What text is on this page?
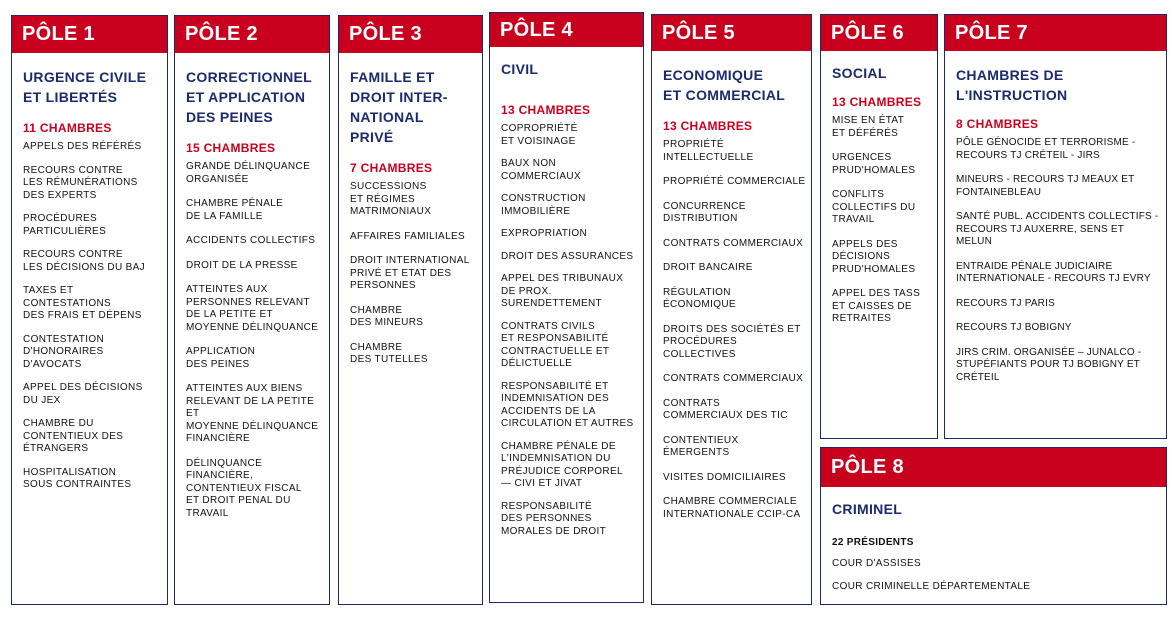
PÔLE 1
URGENCE CIVILE
ET LIBERTÉS
11 CHAMBRES
APPELS DES RÉFÉRÉS
RECOURS CONTRE
LES RÉMUNÉRATIONS
DES EXPERTS
PROCÉDURES
PARTICULIÈRES
RECOURS CONTRE
LES DÉCISIONS DU BAJ
TAXES ET
CONTESTATIONS
DES FRAIS ET DÉPENS
CONTESTATION
D'HONORAIRES
D'AVOCATS
APPEL DES DÉCISIONS
DU JEX
CHAMBRE DU
CONTENTIEUX DES
ÉTRANGERS
HOSPITALISATION
SOUS CONTRAINTES
PÔLE 2
CORRECTIONNEL
ET APPLICATION
DES PEINES
15 CHAMBRES
GRANDE DÉLINQUANCE
ORGANISÉE
CHAMBRE PÉNALE
DE LA FAMILLE
ACCIDENTS COLLECTIFS
DROIT DE LA PRESSE
ATTEINTES AUX
PERSONNES RELEVANT
DE LA PETITE ET
MOYENNE DÉLINQUANCE
APPLICATION
DES PEINES
ATTEINTES AUX BIENS
RELEVANT DE LA PETITE ET
MOYENNE DÉLINQUANCE
FINANCIÈRE
DÉLINQUANCE
FINANCIÈRE,
CONTENTIEUX FISCAL
ET DROIT PENAL DU
TRAVAIL
PÔLE 3
FAMILLE ET
DROIT INTER-
NATIONAL
PRIVÉ
7 CHAMBRES
SUCCESSIONS
ET RÉGIMES
MATRIMONIAUX
AFFAIRES FAMILIALES
DROIT INTERNATIONAL
PRIVÉ ET ETAT DES
PERSONNES
CHAMBRE
DES MINEURS
CHAMBRE
DES TUTELLES
PÔLE 4
CIVIL
13 CHAMBRES
COPROPRIÉTÉ
ET VOISINAGE
BAUX NON
COMMERCIAUX
CONSTRUCTION
IMMOBILIÈRE
EXPROPRIATION
DROIT DES ASSURANCES
APPEL DES TRIBUNAUX
DE PROX.
SURENDETTEMENT
CONTRATS CIVILS
ET RESPONSABILITÉ
CONTRACTUELLE ET
DÉLICTUELLE
RESPONSABILITÉ ET
INDEMNISATION DES
ACCIDENTS DE LA
CIRCULATION ET AUTRES
CHAMBRE PÉNALE DE
L'INDEMNISATION DU
PRÉJUDICE CORPOREL
— CIVI ET JIVAT
RESPONSABILITÉ
DES PERSONNES
MORALES DE DROIT
PÔLE 5
ECONOMIQUE
ET COMMERCIAL
13 CHAMBRES
PROPRIÉTÉ
INTELLECTUELLE
PROPRIÉTÉ COMMERCIALE
CONCURRENCE
DISTRIBUTION
CONTRATS COMMERCIAUX
DROIT BANCAIRE
RÉGULATION
ÉCONOMIQUE
DROITS DES SOCIÉTÉS ET
PROCÉDURES COLLECTIVES
CONTRATS COMMERCIAUX
CONTRATS
COMMERCIAUX DES TIC
CONTENTIEUX
ÉMERGENTS
VISITES DOMICILIAIRES
CHAMBRE COMMERCIALE
INTERNATIONALE CCIP-CA
PÔLE 6
SOCIAL
13 CHAMBRES
MISE EN ÉTAT
ET DÉFÉRÉS
URGENCES
PRUD'HOMALES
CONFLITS
COLLECTIFS DU
TRAVAIL
APPELS DES
DÉCISIONS
PRUD'HOMALES
APPEL DES TASS
ET CAISSES DE
RETRAITES
PÔLE 7
CHAMBRES DE
L'INSTRUCTION
8 CHAMBRES
PÔLE GÉNOCIDE ET TERRORISME -
RECOURS TJ CRÉTEIL - JIRS
MINEURS - RECOURS TJ MEAUX ET
FONTAINEBLEAU
SANTÉ PUBL. ACCIDENTS COLLECTIFS -
RECOURS TJ AUXERRE, SENS ET MELUN
ENTRAIDE PÉNALE JUDICIAIRE
INTERNATIONALE - RECOURS TJ EVRY
RECOURS TJ PARIS
RECOURS TJ BOBIGNY
JIRS CRIM. ORGANISÉE – JUNALCO -
STUPÉFIANTS POUR TJ BOBIGNY ET
CRÉTEIL
PÔLE 8
CRIMINEL
22 PRÉSIDENTS
COUR D'ASSISES
COUR CRIMINELLE DÉPARTEMENTALE
